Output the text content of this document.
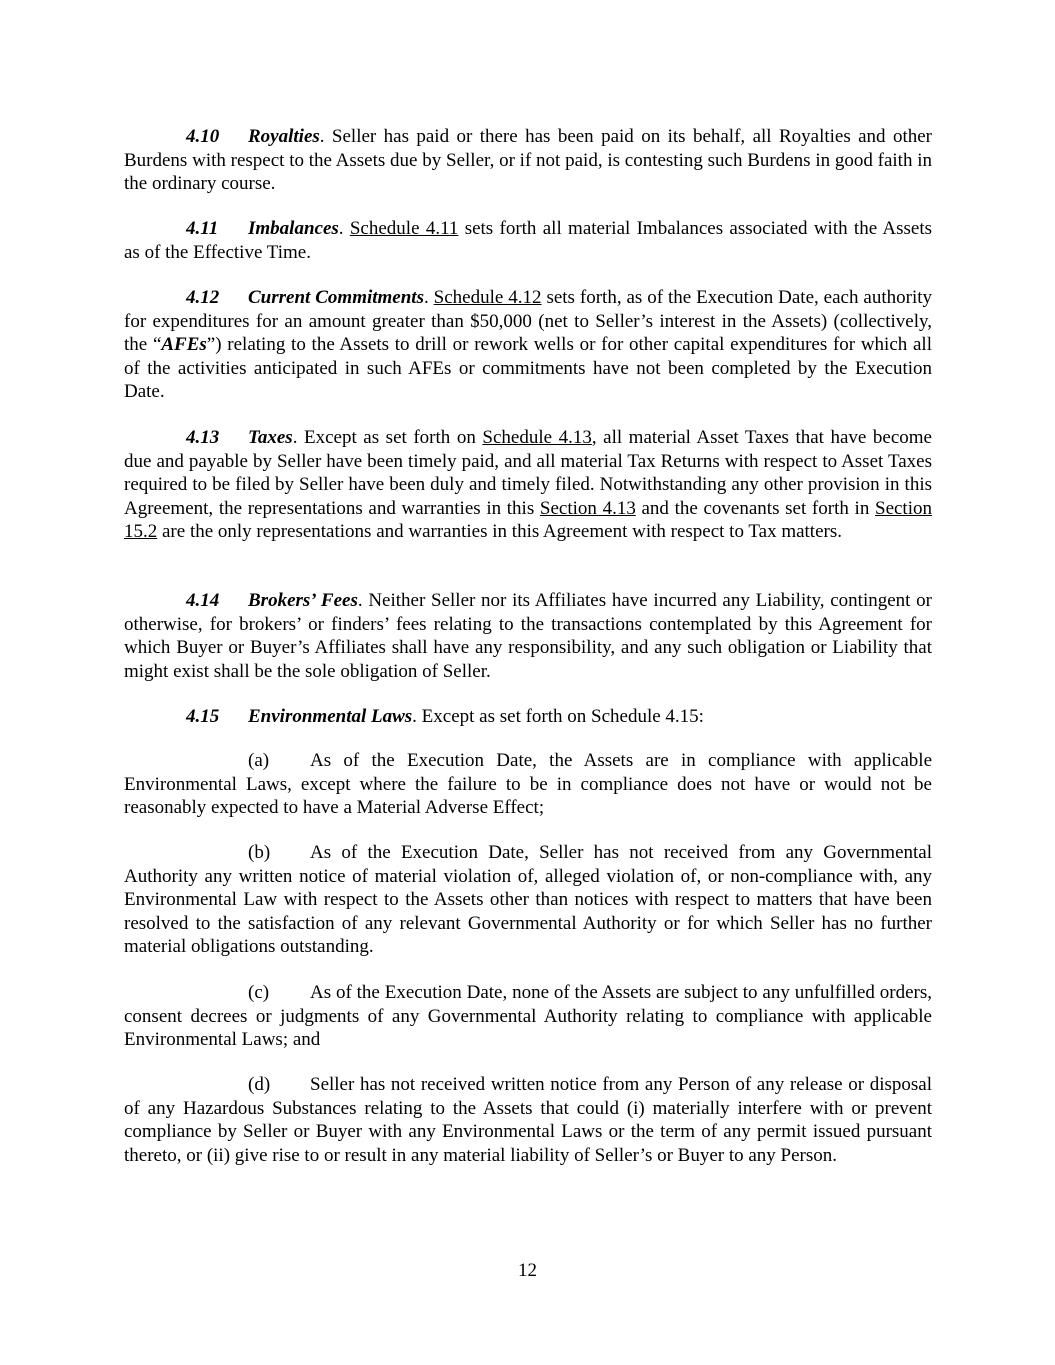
4.10 Royalties. Seller has paid or there has been paid on its behalf, all Royalties and other Burdens with respect to the Assets due by Seller, or if not paid, is contesting such Burdens in good faith in the ordinary course.

4.11 Imbalances. Schedule 4.11 sets forth all material Imbalances associated with the Assets as of the Effective Time.

4.12 Current Commitments. Schedule 4.12 sets forth, as of the Execution Date, each authority for expenditures for an amount greater than $50,000 (net to Seller’s interest in the Assets) (collectively, the “AFEs”) relating to the Assets to drill or rework wells or for other capital expenditures for which all of the activities anticipated in such AFEs or commitments have not been completed by the Execution Date.

4.13 Taxes. Except as set forth on Schedule 4.13, all material Asset Taxes that have become due and payable by Seller have been timely paid, and all material Tax Returns with respect to Asset Taxes required to be filed by Seller have been duly and timely filed. Notwithstanding any other provision in this Agreement, the representations and warranties in this Section 4.13 and the covenants set forth in Section 15.2 are the only representations and warranties in this Agreement with respect to Tax matters.

4.14 Brokers’ Fees. Neither Seller nor its Affiliates have incurred any Liability, contingent or otherwise, for brokers’ or finders’ fees relating to the transactions contemplated by this Agreement for which Buyer or Buyer’s Affiliates shall have any responsibility, and any such obligation or Liability that might exist shall be the sole obligation of Seller.

4.15 Environmental Laws. Except as set forth on Schedule 4.15:

(a) As of the Execution Date, the Assets are in compliance with applicable Environmental Laws, except where the failure to be in compliance does not have or would not be reasonably expected to have a Material Adverse Effect;

(b) As of the Execution Date, Seller has not received from any Governmental Authority any written notice of material violation of, alleged violation of, or non-compliance with, any Environmental Law with respect to the Assets other than notices with respect to matters that have been resolved to the satisfaction of any relevant Governmental Authority or for which Seller has no further material obligations outstanding.

(c) As of the Execution Date, none of the Assets are subject to any unfulfilled orders, consent decrees or judgments of any Governmental Authority relating to compliance with applicable Environmental Laws; and

(d) Seller has not received written notice from any Person of any release or disposal of any Hazardous Substances relating to the Assets that could (i) materially interfere with or prevent compliance by Seller or Buyer with any Environmental Laws or the term of any permit issued pursuant thereto, or (ii) give rise to or result in any material liability of Seller’s or Buyer to any Person.

12
